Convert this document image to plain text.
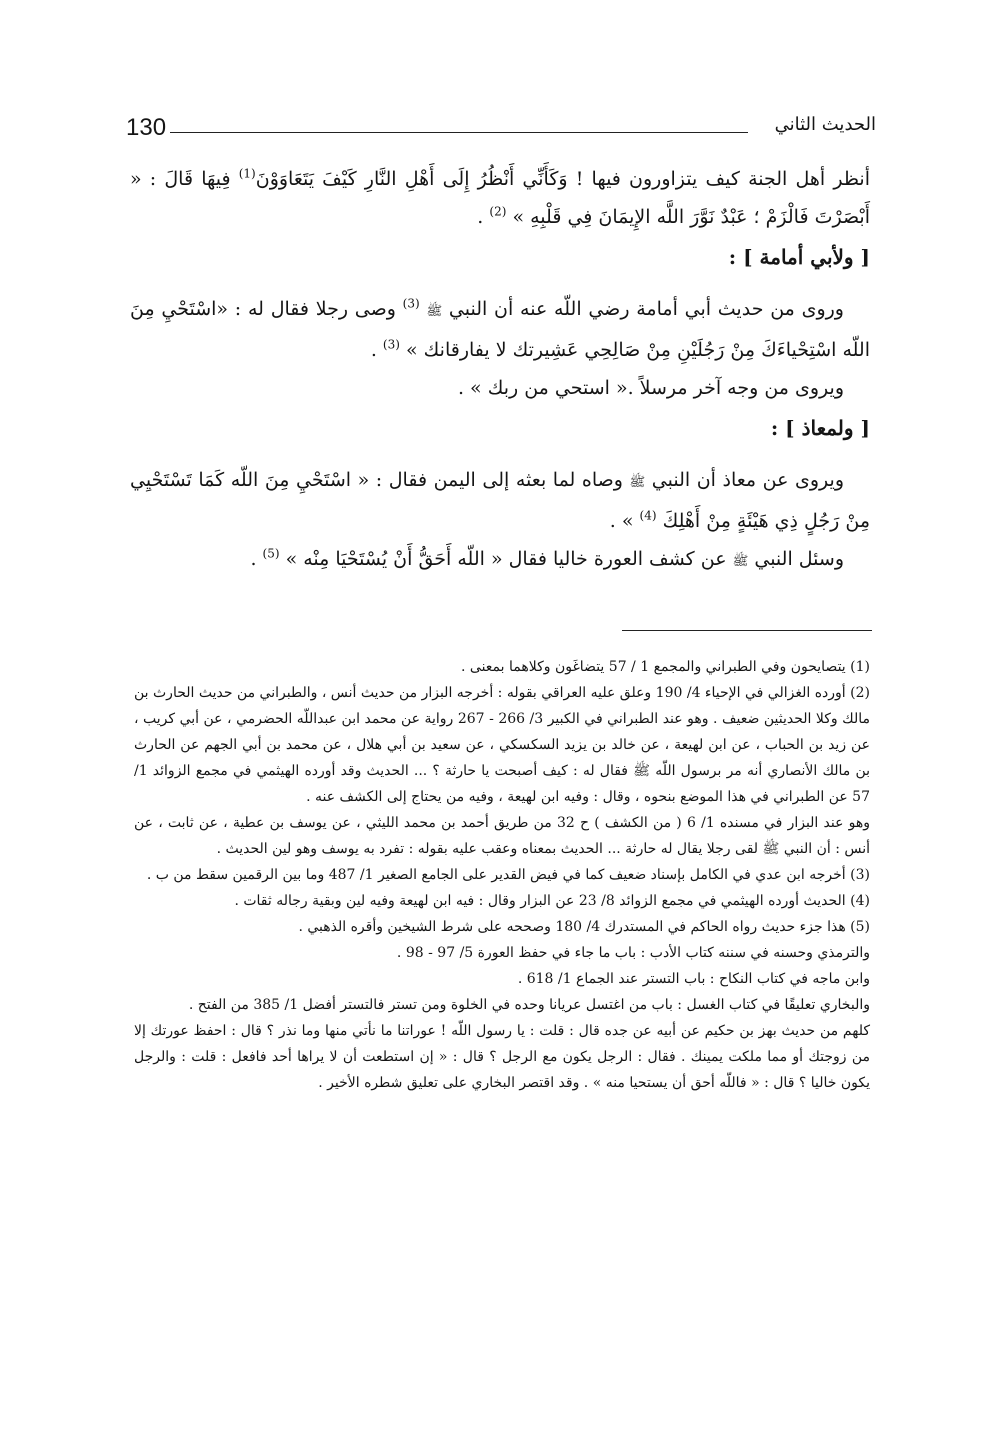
130	الحديث الثاني

أنظر أهل الجنة كيف يتزاورون فيها ! وَكَأَنِّي أَنْظُرُ إِلَى أَهْلِ النَّارِ كَيْفَ يَتَعَاوَوْنَ$^{(1)}$ فِيهَا قَالَ : « أَبْصَرْتَ فَالْزَمْ ؛ عَبْدٌ نَوَّرَ اللَّه الإِيمَانَ فِي قَلْبِهِ » $^{(2)}$ .

[ ولأبي أمامة ] :

وروى من حديث أبي أمامة رضي اللّه عنه أن النبي ﷺ $^{(3)}$ وصى رجلا فقال له : «اسْتَحْيِ مِنَ اللّه اسْتِحْياءَكَ مِنْ رَجُلَيْنِ مِنْ صَالِحِي عَشِيرتك لا يفارقانك » $^{(3)}$ .

ويروى من وجه آخر مرسلاً .« استحي من ربك » .

[ ولمعاذ ] :

ويروى عن معاذ أن النبي ﷺ وصاه لما بعثه إلى اليمن فقال : « اسْتَحْيِ مِنَ اللّه كَمَا تَسْتَحْيِي مِنْ رَجُلٍ ذِي هَيْئَةٍ مِنْ أَهْلِكَ $^{(4)}$ » .

وسئل النبي ﷺ عن كشف العورة خاليا فقال « اللّه أَحَقُّ أَنْ يُسْتَحْيَا مِنْه » $^{(5)}$ .

(1) يتصايحون وفي الطبراني والمجمع 1 / 57 يتضاغَون وكلاهما بمعنى .

(2) أورده الغزالي في الإحياء 4/ 190 وعلق عليه العراقي بقوله : أخرجه البزار من حديث أنس ، والطبراني من حديث الحارث بن مالك وكلا الحديثين ضعيف . وهو عند الطبراني في الكبير 3/ 266 - 267 رواية عن محمد ابن عبداللّه الحضرمي ، عن أبي كريب ، عن زيد بن الحباب ، عن ابن لهيعة ، عن خالد بن يزيد السكسكي ، عن سعيد بن أبي هلال ، عن محمد بن أبي الجهم عن الحارث بن مالك الأنصاري أنه مر برسول اللّه ﷺ فقال له : كيف أصبحت يا حارثة ؟ ... الحديث وقد أورده الهيثمي في مجمع الزوائد 1/ 57 عن الطبراني في هذا الموضع بنحوه ، وقال : وفيه ابن لهيعة ، وفيه من يحتاج إلى الكشف عنه .

وهو عند البزار في مسنده 1/ 6 ( من الكشف ) ح 32 من طريق أحمد بن محمد الليثي ، عن يوسف بن عطية ، عن ثابت ، عن أنس : أن النبي ﷺ لقى رجلا يقال له حارثة ... الحديث بمعناه وعقب عليه بقوله : تفرد به يوسف وهو لين الحديث .

(3) أخرجه ابن عدي في الكامل بإسناد ضعيف كما في فيض القدير على الجامع الصغير 1/ 487 وما بين الرقمين سقط من ب .

(4) الحديث أورده الهيثمي في مجمع الزوائد 8/ 23 عن البزار وقال : فيه ابن لهيعة وفيه لين وبقية رجاله ثقات .

(5) هذا جزء حديث رواه الحاكم في المستدرك 4/ 180 وصححه على شرط الشيخين وأقره الذهبي .

والترمذي وحسنه في سننه كتاب الأدب : باب ما جاء في حفظ العورة 5/ 97 - 98 .

وابن ماجه في كتاب النكاح : باب التستر عند الجماع 1/ 618 .

والبخاري تعليقًا في كتاب الغسل : باب من اغتسل عريانا وحده في الخلوة ومن تستر فالتستر أفضل 1/ 385 من الفتح .

كلهم من حديث بهز بن حكيم عن أبيه عن جده قال : قلت : يا رسول اللّه ! عوراتنا ما نأتي منها وما نذر ؟ قال : احفظ عورتك إلا من زوجتك أو مما ملكت يمينك . فقال : الرجل يكون مع الرجل ؟ قال : « إن استطعت أن لا يراها أحد فافعل : قلت : والرجل يكون خاليا ؟ قال : « فاللّه أحق أن يستحيا منه » . وقد اقتصر البخاري على تعليق شطره الأخير .
